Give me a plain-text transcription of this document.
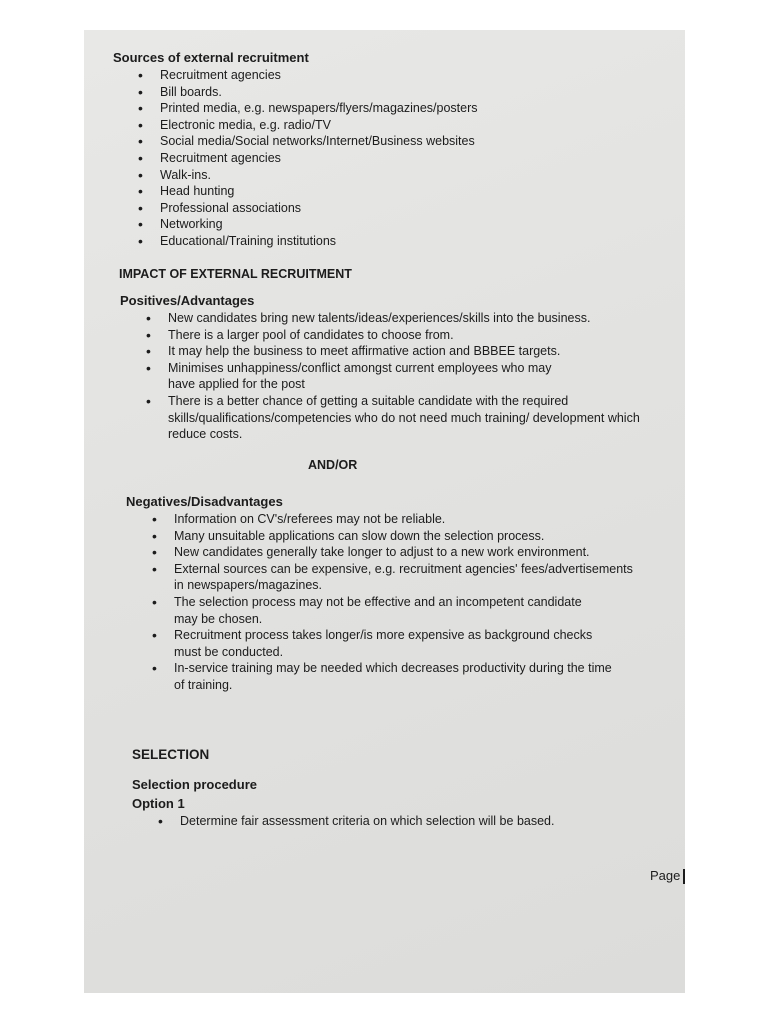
Sources of external recruitment
• Recruitment agencies
• Bill boards.
• Printed media, e.g. newspapers/flyers/magazines/posters
• Electronic media, e.g. radio/TV
• Social media/Social networks/Internet/Business websites
• Recruitment agencies
• Walk-ins.
• Head hunting
• Professional associations
• Networking
• Educational/Training institutions
IMPACT OF EXTERNAL RECRUITMENT
Positives/Advantages
• New candidates bring new talents/ideas/experiences/skills into the business.
• There is a larger pool of candidates to choose from.
• It may help the business to meet affirmative action and BBBEE targets.
• Minimises unhappiness/conflict amongst current employees who may have applied for the post
• There is a better chance of getting a suitable candidate with the required skills/qualifications/competencies who do not need much training/ development which reduce costs.
AND/OR
Negatives/Disadvantages
• Information on CV's/referees may not be reliable.
• Many unsuitable applications can slow down the selection process.
• New candidates generally take longer to adjust to a new work environment.
• External sources can be expensive, e.g. recruitment agencies' fees/advertisements in newspapers/magazines.
• The selection process may not be effective and an incompetent candidate may be chosen.
• Recruitment process takes longer/is more expensive as background checks must be conducted.
• In-service training may be needed which decreases productivity during the time of training.
SELECTION
Selection procedure
Option 1
• Determine fair assessment criteria on which selection will be based.
Page
